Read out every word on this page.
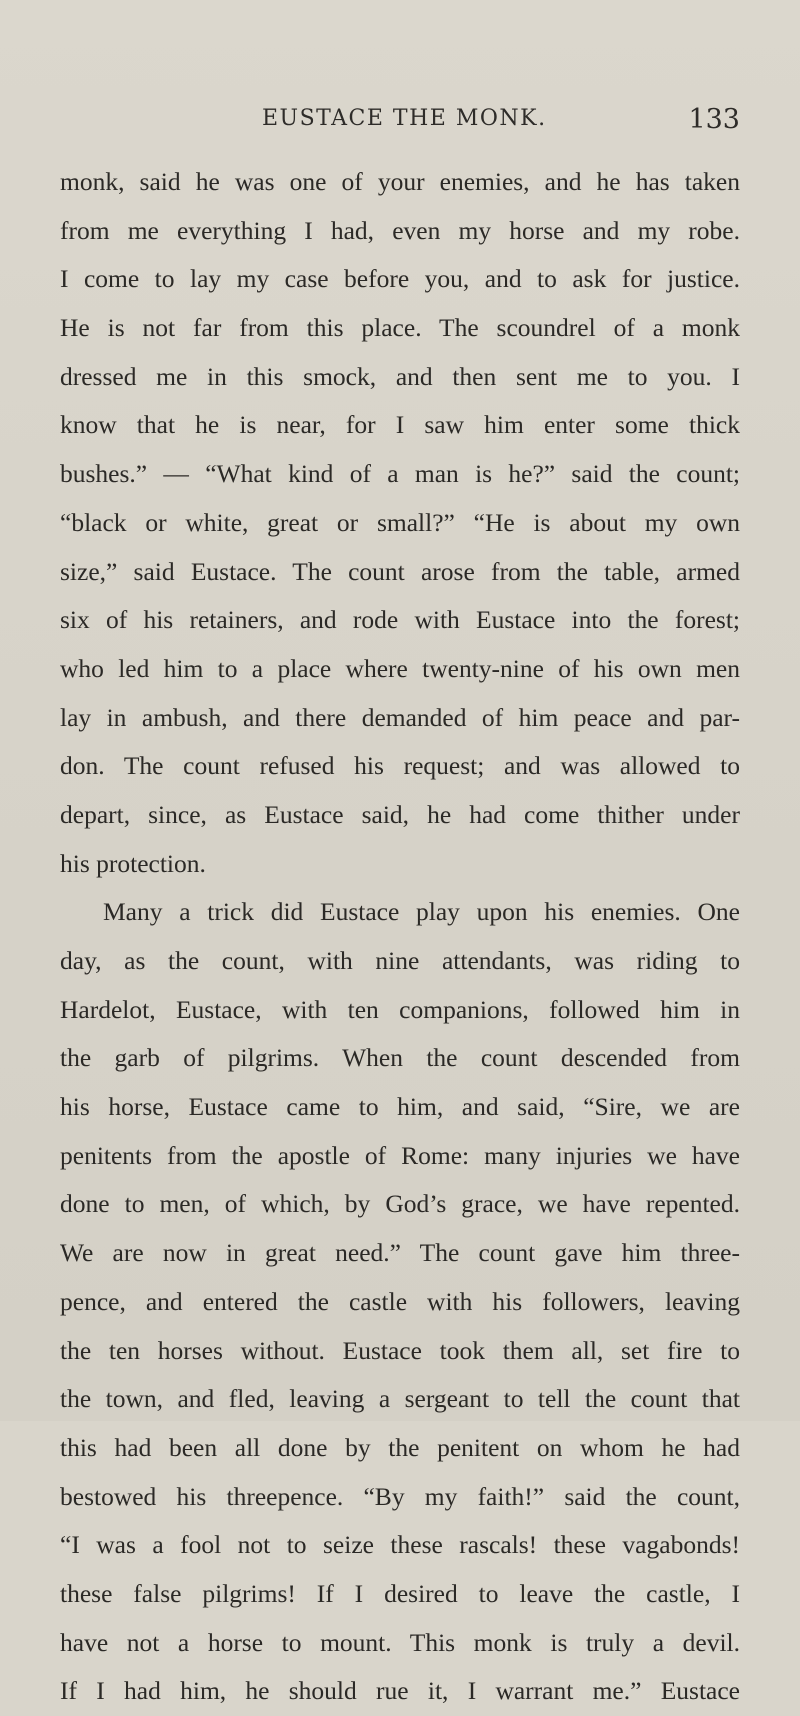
EUSTACE THE MONK.	133
monk, said he was one of your enemies, and he has taken
from me everything I had, even my horse and my robe.
I come to lay my case before you, and to ask for justice.
He is not far from this place. The scoundrel of a monk
dressed me in this smock, and then sent me to you. I
know that he is near, for I saw him enter some thick
bushes.” — “What kind of a man is he?” said the count;
“black or white, great or small?” “He is about my own
size,” said Eustace. The count arose from the table, armed
six of his retainers, and rode with Eustace into the forest;
who led him to a place where twenty-nine of his own men
lay in ambush, and there demanded of him peace and par-
don. The count refused his request; and was allowed to
depart, since, as Eustace said, he had come thither under
his protection.
Many a trick did Eustace play upon his enemies. One
day, as the count, with nine attendants, was riding to
Hardelot, Eustace, with ten companions, followed him in
the garb of pilgrims. When the count descended from
his horse, Eustace came to him, and said, “Sire, we are
penitents from the apostle of Rome: many injuries we have
done to men, of which, by God’s grace, we have repented.
We are now in great need.” The count gave him three-
pence, and entered the castle with his followers, leaving
the ten horses without. Eustace took them all, set fire to
the town, and fled, leaving a sergeant to tell the count that
this had been all done by the penitent on whom he had
bestowed his threepence. “By my faith!” said the count,
“I was a fool not to seize these rascals! these vagabonds!
these false pilgrims! If I desired to leave the castle, I
have not a horse to mount. This monk is truly a devil.
If I had him, he should rue it, I warrant me.” Eustace
